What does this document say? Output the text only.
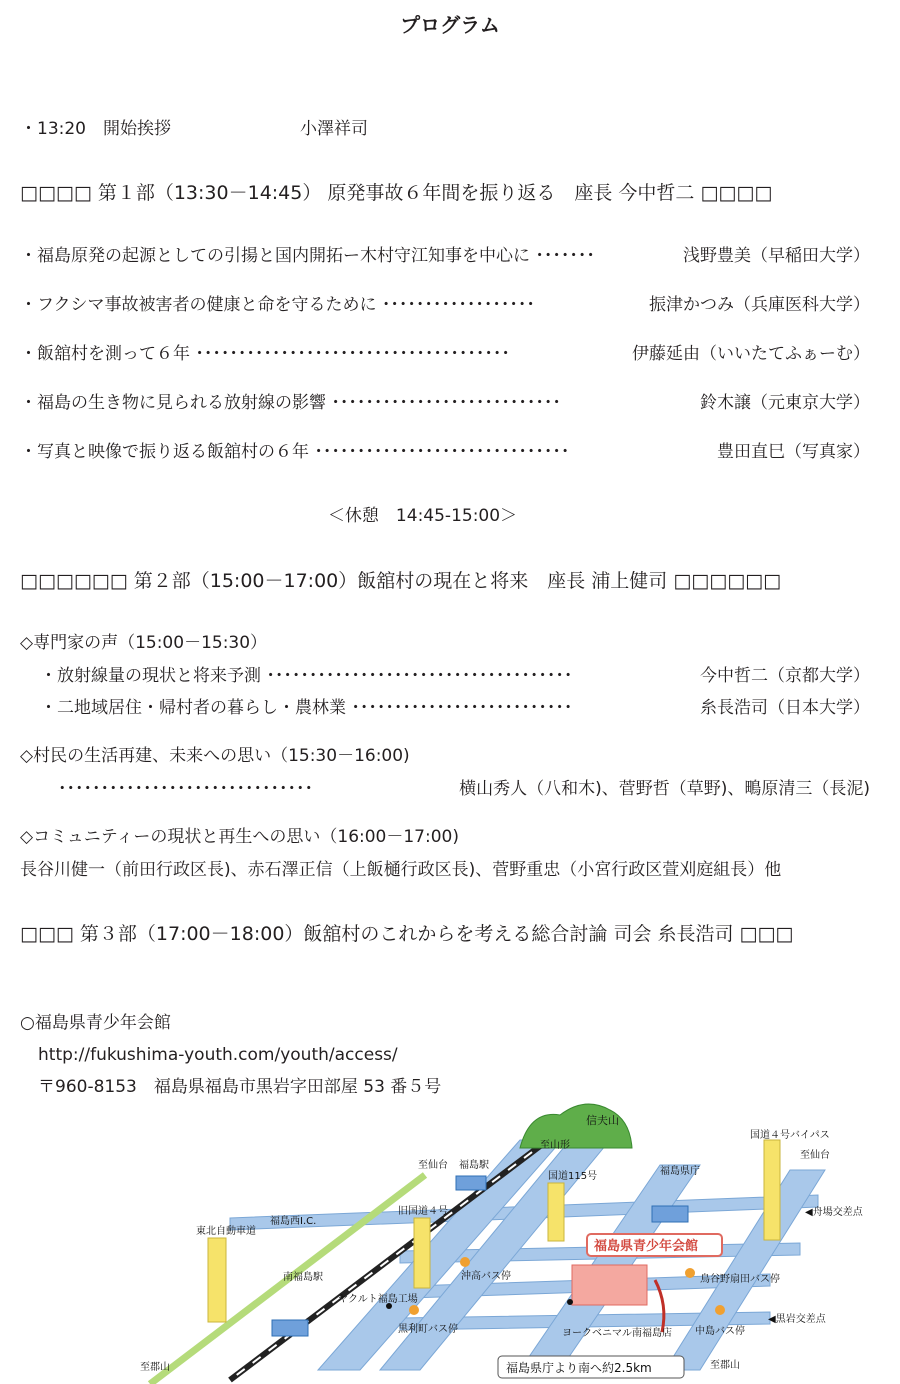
プログラム
・13:20　開始挨拶	小澤祥司
□□□□ 第１部（13:30－14:45） 原発事故６年間を振り返る　座長 今中哲二 □□□□
・福島原発の起源としての引揚と国内開拓ー木村守江知事を中心に ･･･････	浅野豊美（早稲田大学）
・フクシマ事故被害者の健康と命を守るために ･･････････････････	振津かつみ（兵庫医科大学）
・飯舘村を測って６年 ･････････････････････････････････････	伊藤延由（いいたてふぁーむ）
・福島の生き物に見られる放射線の影響 ･･･････････････････････････	鈴木譲（元東京大学）
・写真と映像で振り返る飯舘村の６年 ･･････････････････････････････	豊田直巳（写真家）
＜休憩　14:45-15:00＞
□□□□□□ 第２部（15:00－17:00）飯舘村の現在と将来　座長 浦上健司 □□□□□□
◇専門家の声（15:00－15:30）
・放射線量の現状と将来予測 ････････････････････････････････････	今中哲二（京都大学）
・二地域居住・帰村者の暮らし・農林業 ･･････････････････････････	糸長浩司（日本大学）
◇村民の生活再建、未来への思い（15:30－16:00)
･･････････････････････････････	横山秀人（八和木)、菅野哲（草野)、鴫原清三（長泥)
◇コミュニティーの現状と再生への思い（16:00－17:00)
長谷川健一（前田行政区長)、赤石澤正信（上飯樋行政区長)、菅野重忠（小宮行政区萱刈庭組長）他
□□□ 第３部（17:00－18:00）飯舘村のこれからを考える総合討論 司会 糸長浩司 □□□
○福島県青少年会館
http://fukushima-youth.com/youth/access/
〒960-8153　福島県福島市黒岩字田部屋 53 番５号
信夫山
福島県青少年会館
至山形
至仙台 福島駅
国道115号	福島県庁
国道４号バイパス
至仙台
◀舟場交差点
福島西I.C.
旧国道４号
東北自動車道
南福島駅	沖高バス停	鳥谷野扇田バス停
ヤクルト福島工場
黒利町バス停
◀黒岩交差点
ヨークベニマル南福島店 中島バス停
至郡山	至郡山
福島県庁より南へ約2.5km
